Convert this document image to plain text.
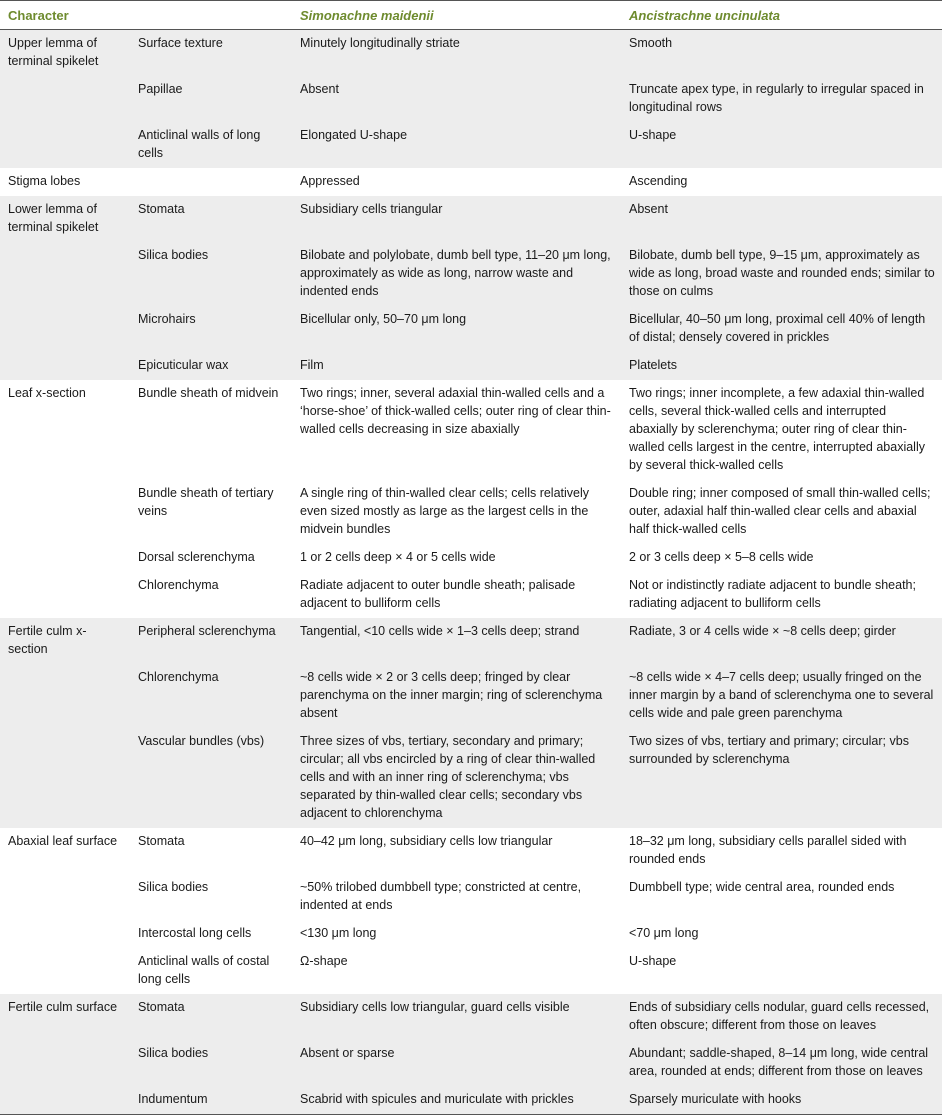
Character		Simonachne maidenii	Ancistrachne uncinulata
Upper lemma of terminal spikelet	Surface texture	Minutely longitudinally striate	Smooth
	Papillae	Absent	Truncate apex type, in regularly to irregular spaced in longitudinal rows
	Anticlinal walls of long cells	Elongated U-shape	U-shape
Stigma lobes		Appressed	Ascending
Lower lemma of terminal spikelet	Stomata	Subsidiary cells triangular	Absent
	Silica bodies	Bilobate and polylobate, dumb bell type, 11–20 μm long, approximately as wide as long, narrow waste and indented ends	Bilobate, dumb bell type, 9–15 μm, approximately as wide as long, broad waste and rounded ends; similar to those on culms
	Microhairs	Bicellular only, 50–70 μm long	Bicellular, 40–50 μm long, proximal cell 40% of length of distal; densely covered in prickles
	Epicuticular wax	Film	Platelets
Leaf x-section	Bundle sheath of midvein	Two rings; inner, several adaxial thin-walled cells and a ‘horse-shoe’ of thick-walled cells; outer ring of clear thin-walled cells decreasing in size abaxially	Two rings; inner incomplete, a few adaxial thin-walled cells, several thick-walled cells and interrupted abaxially by sclerenchyma; outer ring of clear thin-walled cells largest in the centre, interrupted abaxially by several thick-walled cells
	Bundle sheath of tertiary veins	A single ring of thin-walled clear cells; cells relatively even sized mostly as large as the largest cells in the midvein bundles	Double ring; inner composed of small thin-walled cells; outer, adaxial half thin-walled clear cells and abaxial half thick-walled cells
	Dorsal sclerenchyma	1 or 2 cells deep × 4 or 5 cells wide	2 or 3 cells deep × 5–8 cells wide
	Chlorenchyma	Radiate adjacent to outer bundle sheath; palisade adjacent to bulliform cells	Not or indistinctly radiate adjacent to bundle sheath; radiating adjacent to bulliform cells
Fertile culm x-section	Peripheral sclerenchyma	Tangential, <10 cells wide × 1–3 cells deep; strand	Radiate, 3 or 4 cells wide × ~8 cells deep; girder
	Chlorenchyma	~8 cells wide × 2 or 3 cells deep; fringed by clear parenchyma on the inner margin; ring of sclerenchyma absent	~8 cells wide × 4–7 cells deep; usually fringed on the inner margin by a band of sclerenchyma one to several cells wide and pale green parenchyma
	Vascular bundles (vbs)	Three sizes of vbs, tertiary, secondary and primary; circular; all vbs encircled by a ring of clear thin-walled cells and with an inner ring of sclerenchyma; vbs separated by thin-walled clear cells; secondary vbs adjacent to chlorenchyma	Two sizes of vbs, tertiary and primary; circular; vbs surrounded by sclerenchyma
Abaxial leaf surface	Stomata	40–42 μm long, subsidiary cells low triangular	18–32 μm long, subsidiary cells parallel sided with rounded ends
	Silica bodies	~50% trilobed dumbbell type; constricted at centre, indented at ends	Dumbbell type; wide central area, rounded ends
	Intercostal long cells	<130 μm long	<70 μm long
	Anticlinal walls of costal long cells	Ω-shape	U-shape
Fertile culm surface	Stomata	Subsidiary cells low triangular, guard cells visible	Ends of subsidiary cells nodular, guard cells recessed, often obscure; different from those on leaves
	Silica bodies	Absent or sparse	Abundant; saddle-shaped, 8–14 μm long, wide central area, rounded at ends; different from those on leaves
	Indumentum	Scabrid with spicules and muriculate with prickles	Sparsely muriculate with hooks
